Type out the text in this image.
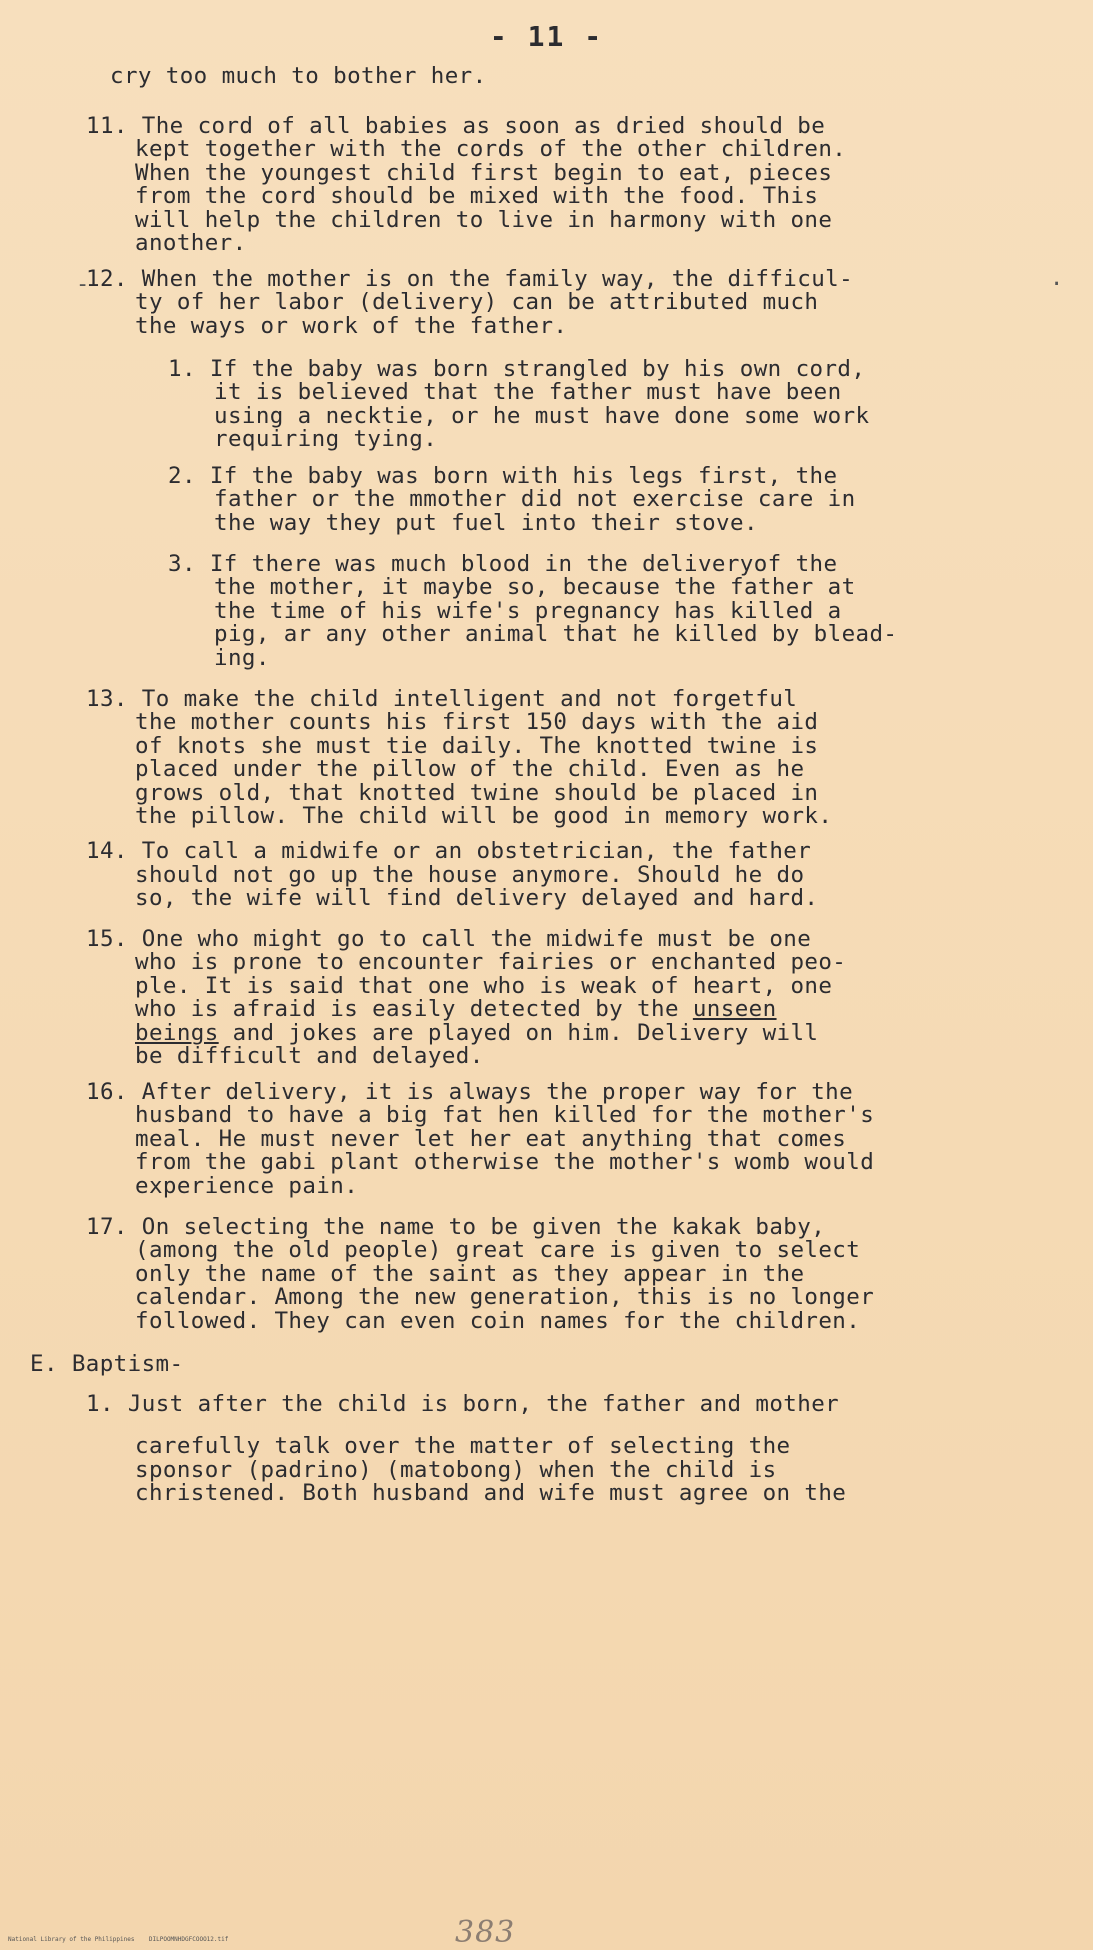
- 11 -
cry too much to bother her.
11. The cord of all babies as soon as dried should be
kept together with the cords of the other children.
When the youngest child first begin to eat, pieces
from the cord should be mixed with the food. This
will help the children to live in harmony with one
another.
-
12. When the mother is on the family way, the difficul-
ty of her labor (delivery) can be attributed much
the ways or work of the father.
.
1. If the baby was born strangled by his own cord,
it is believed that the father must have been
using a necktie, or he must have done some work
requiring tying.
2. If the baby was born with his legs first, the
father or the mmother did not exercise care in
the way they put fuel into their stove.
3. If there was much blood in the deliveryof the
the mother, it maybe so, because the father at
the time of his wife's pregnancy has killed a
pig, ar any other animal that he killed by blead-
ing.
13. To make the child intelligent and not forgetful
the mother counts his first 150 days with the aid
of knots she must tie daily. The knotted twine is
placed under the pillow of the child. Even as he
grows old, that knotted twine should be placed in
the pillow. The child will be good in memory work.
14. To call a midwife or an obstetrician, the father
should not go up the house anymore. Should he do
so, the wife will find delivery delayed and hard.
15. One who might go to call the midwife must be one
who is prone to encounter fairies or enchanted peo-
ple. It is said that one who is weak of heart, one
who is afraid is easily detected by the unseen
beings and jokes are played on him. Delivery will
be difficult and delayed.
16. After delivery, it is always the proper way for the
husband to have a big fat hen killed for the mother's
meal. He must never let her eat anything that comes
from the gabi plant otherwise the mother's womb would
experience pain.
17. On selecting the name to be given the kakak baby,
(among the old people) great care is given to select
only the name of the saint as they appear in the
calendar. Among the new generation, this is no longer
followed. They can even coin names for the children.
E. Baptism-
1. Just after the child is born, the father and mother
carefully talk over the matter of selecting the
sponsor (padrino) (matobong) when the child is
christened. Both husband and wife must agree on the
383
National Library of the Philippines    DILPOOMNHDGFCOOO12.tif
